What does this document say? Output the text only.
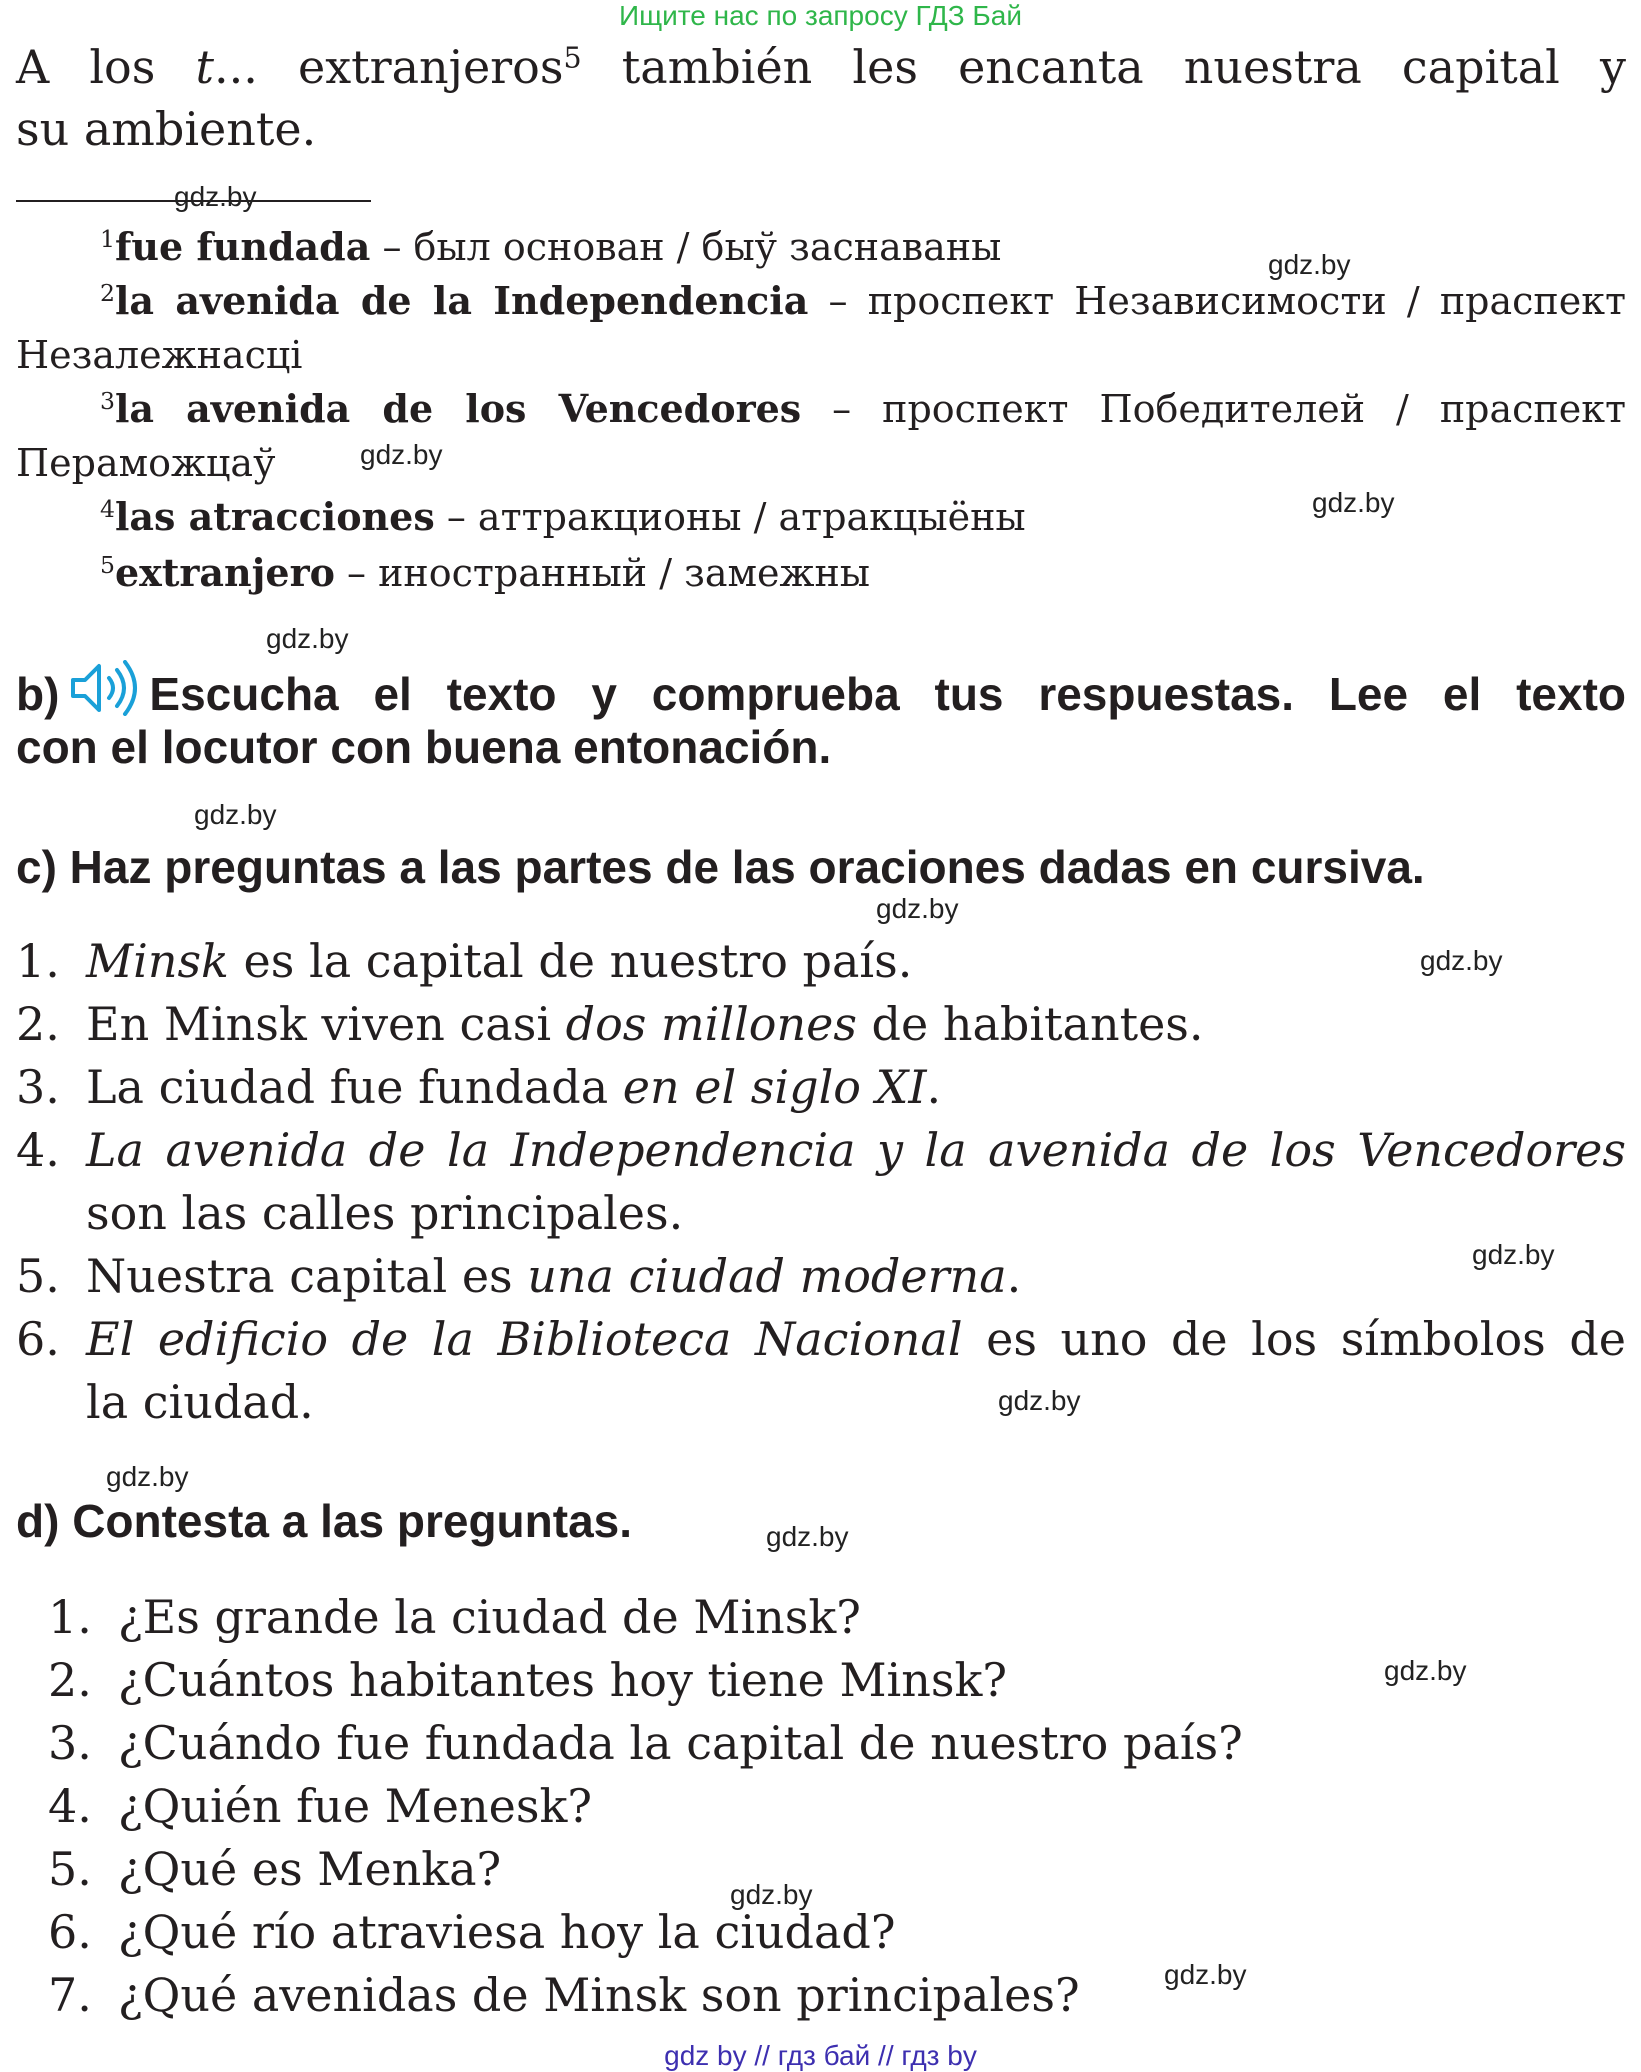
Ищите нас по запросу ГДЗ Бай
A los t... extranjeros$^5$ también les encanta nuestra capital y
su ambiente.
$^1$fue fundada – был основан / быў заснаваны
$^2$la avenida de la Independencia – проспект Независимости / праспект
Незалежнасці
$^3$la avenida de los Vencedores – проспект Победителей / праспект
Пераможцаў
$^4$las atracciones – аттракционы / атракцыёны
$^5$extranjero – иностранный / замежны
b) Escucha el texto y comprueba tus respuestas. Lee el texto
con el locutor con buena entonación.
c) Haz preguntas a las partes de las oraciones dadas en cursiva.
1. Minsk es la capital de nuestro país.
2. En Minsk viven casi dos millones de habitantes.
3. La ciudad fue fundada en el siglo XI.
4. La avenida de la Independencia y la avenida de los Vencedores
son las calles principales.
5. Nuestra capital es una ciudad moderna.
6. El edificio de la Biblioteca Nacional es uno de los símbolos de
la ciudad.
d) Contesta a las preguntas.
1. ¿Es grande la ciudad de Minsk?
2. ¿Cuántos habitantes hoy tiene Minsk?
3. ¿Cuándo fue fundada la capital de nuestro país?
4. ¿Quién fue Menesk?
5. ¿Qué es Menka?
6. ¿Qué río atraviesa hoy la ciudad?
7. ¿Qué avenidas de Minsk son principales?
gdz.by
gdz.by
gdz.by
gdz.by
gdz.by
gdz.by
gdz.by
gdz.by
gdz.by
gdz.by
gdz.by
gdz.by
gdz.by
gdz.by
gdz.by
gdz by // гдз бай // гдз by
